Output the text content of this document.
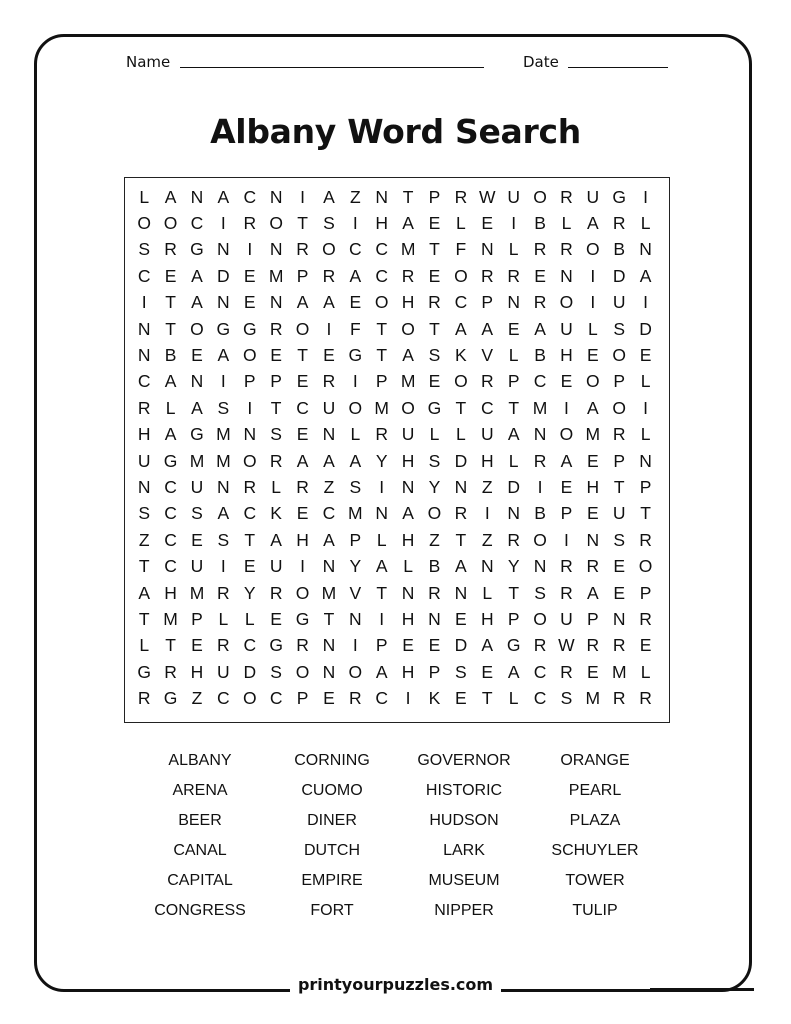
Name	Date
Albany Word Search
L A N A C N	I	A Z N T P R W U O R U G I
O O C	I	R O T S	I	H A E L E	I	B L A R L
S R G N	I	N R O C C M T F N L R R O B N
C E A D E M P R A C R E O R R E N	I	D A
I	T A N E N A A E O H R C P N R O I	U	I
N T O G G R O I	F T O T A A E A U L S D
N B E A O E T E G T A S K V L B H E O E
C A N	I	P P E R	I	P M E O R P C E O P L
R L A S	I	T C U O M O G T C T M I	A O I
H A G M N S E N L R U L L U A N O M R L
U G M M O R A A A Y H S D H L R A E P N
N C U N R L R Z S	I	N Y N Z D	I	E H T P
S C S A C K E C M N A O R	I	N B P E U T
Z C E S T A H A P L H Z T Z R O I	N S R
T C U	I	E U	I	N Y A L B A N Y N R R E O
A H M R Y R O M V T N R N L T S R A E P
T M P L L E G T N	I	H N E H P O U P N R
L T E R C G R N	I	P E E D A G R W R R E
G R H U D S O N O A H P S E A C R E M L
R G Z C O C P E R C	I	K E T L C S M R R
ALBANY	CORNING	GOVERNOR	ORANGE
ARENA	CUOMO	HISTORIC	PEARL
BEER	DINER	HUDSON	PLAZA
CANAL	DUTCH	LARK	SCHUYLER
CAPITAL	EMPIRE	MUSEUM	TOWER
CONGRESS	FORT	NIPPER	TULIP
printyourpuzzles.com
